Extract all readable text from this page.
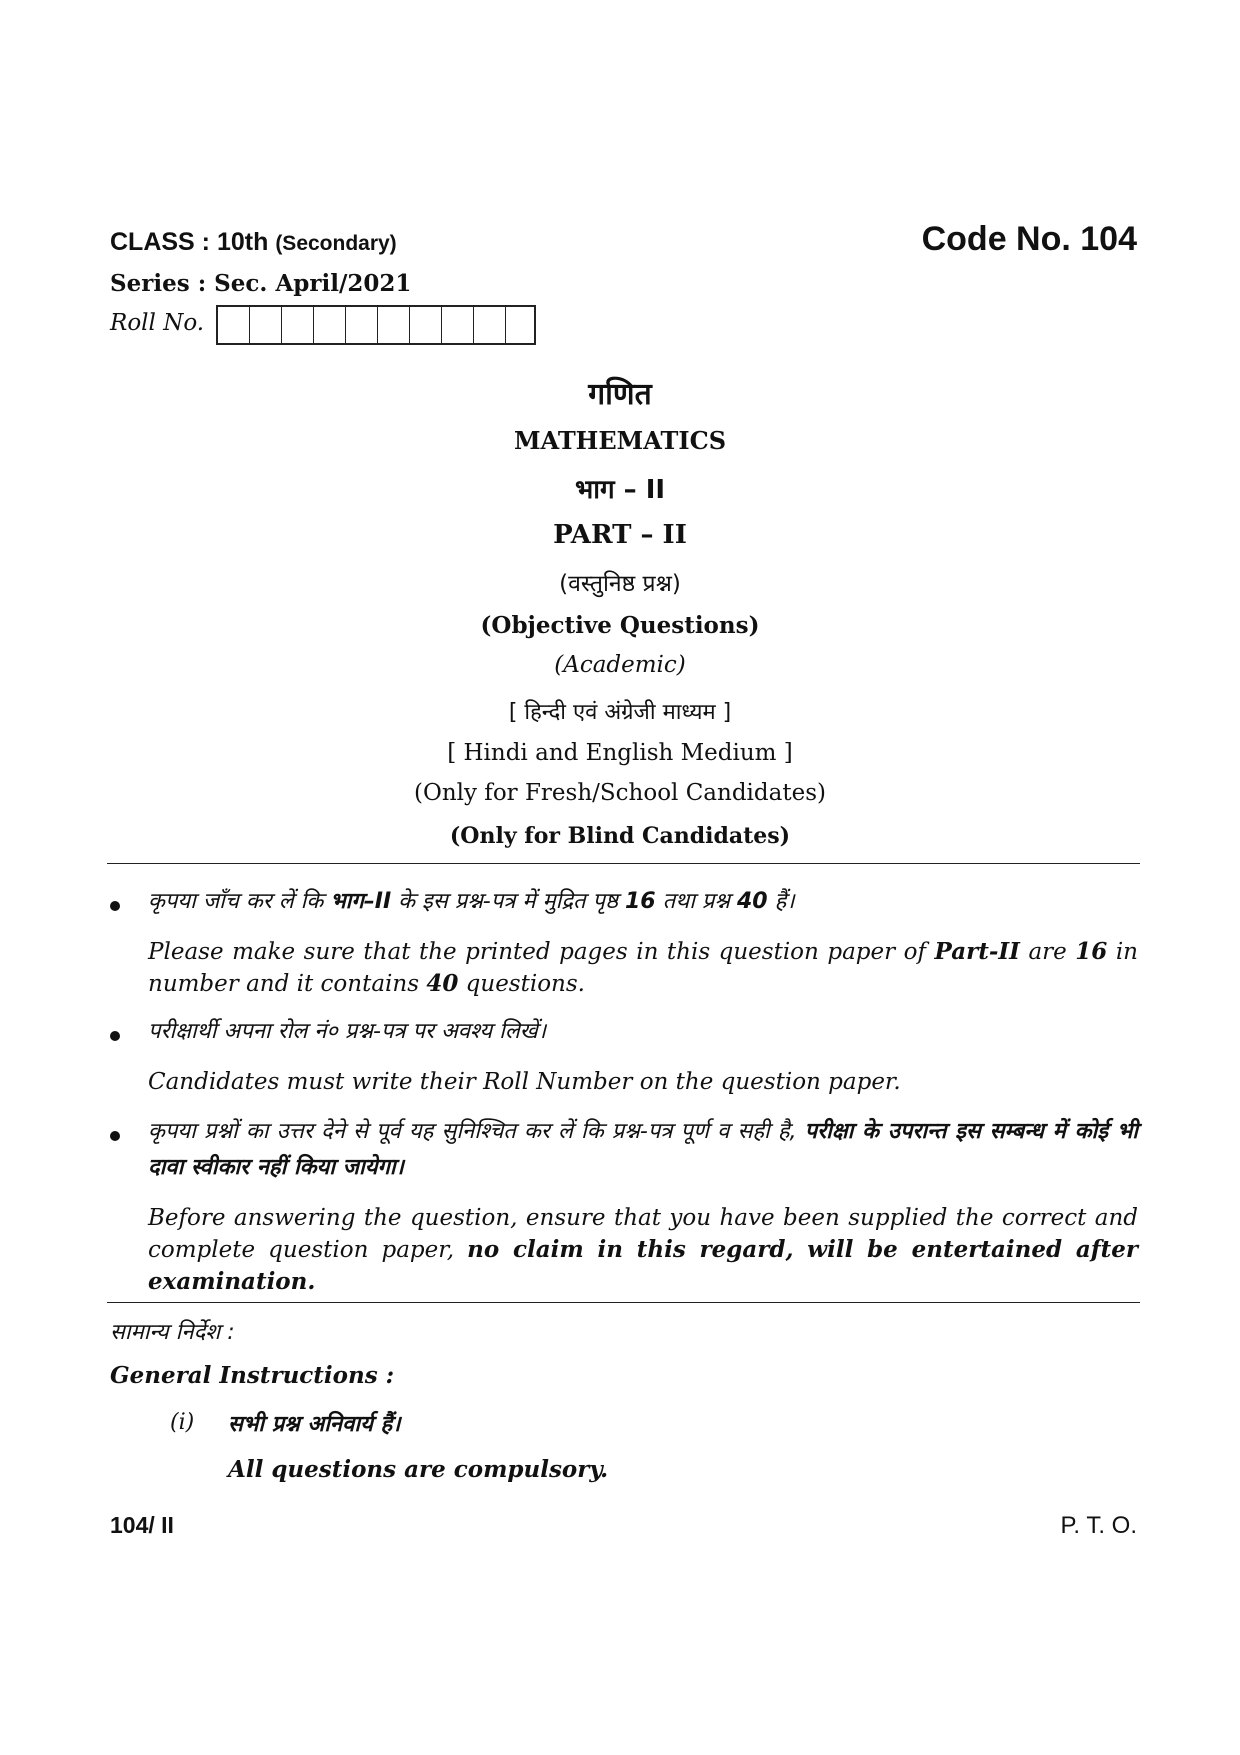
CLASS : 10th (Secondary)	Code No. 104
Series : Sec. April/2021
Roll No.
गणित
MATHEMATICS
भाग – II
PART – II
(वस्तुनिष्ठ प्रश्न)
(Objective Questions)
(Academic)
[ हिन्दी एवं अंग्रेजी माध्यम ]
[ Hindi and English Medium ]
(Only for Fresh/School Candidates)
(Only for Blind Candidates)
कृपया जाँच कर लें कि भाग–II के इस प्रश्न-पत्र में मुद्रित पृष्ठ 16 तथा प्रश्न 40 हैं।
Please make sure that the printed pages in this question paper of Part-II are 16 in number and it contains 40 questions.
परीक्षार्थी अपना रोल नं० प्रश्न-पत्र पर अवश्य लिखें।
Candidates must write their Roll Number on the question paper.
कृपया प्रश्नों का उत्तर देने से पूर्व यह सुनिश्चित कर लें कि प्रश्न-पत्र पूर्ण व सही है, परीक्षा के उपरान्त इस सम्बन्ध में कोई भी दावा स्वीकार नहीं किया जायेगा।
Before answering the question, ensure that you have been supplied the correct and complete question paper, no claim in this regard, will be entertained after examination.
सामान्य निर्देश :
General Instructions :
(i) सभी प्रश्न अनिवार्य हैं।
All questions are compulsory.
104/ II	P. T. O.
